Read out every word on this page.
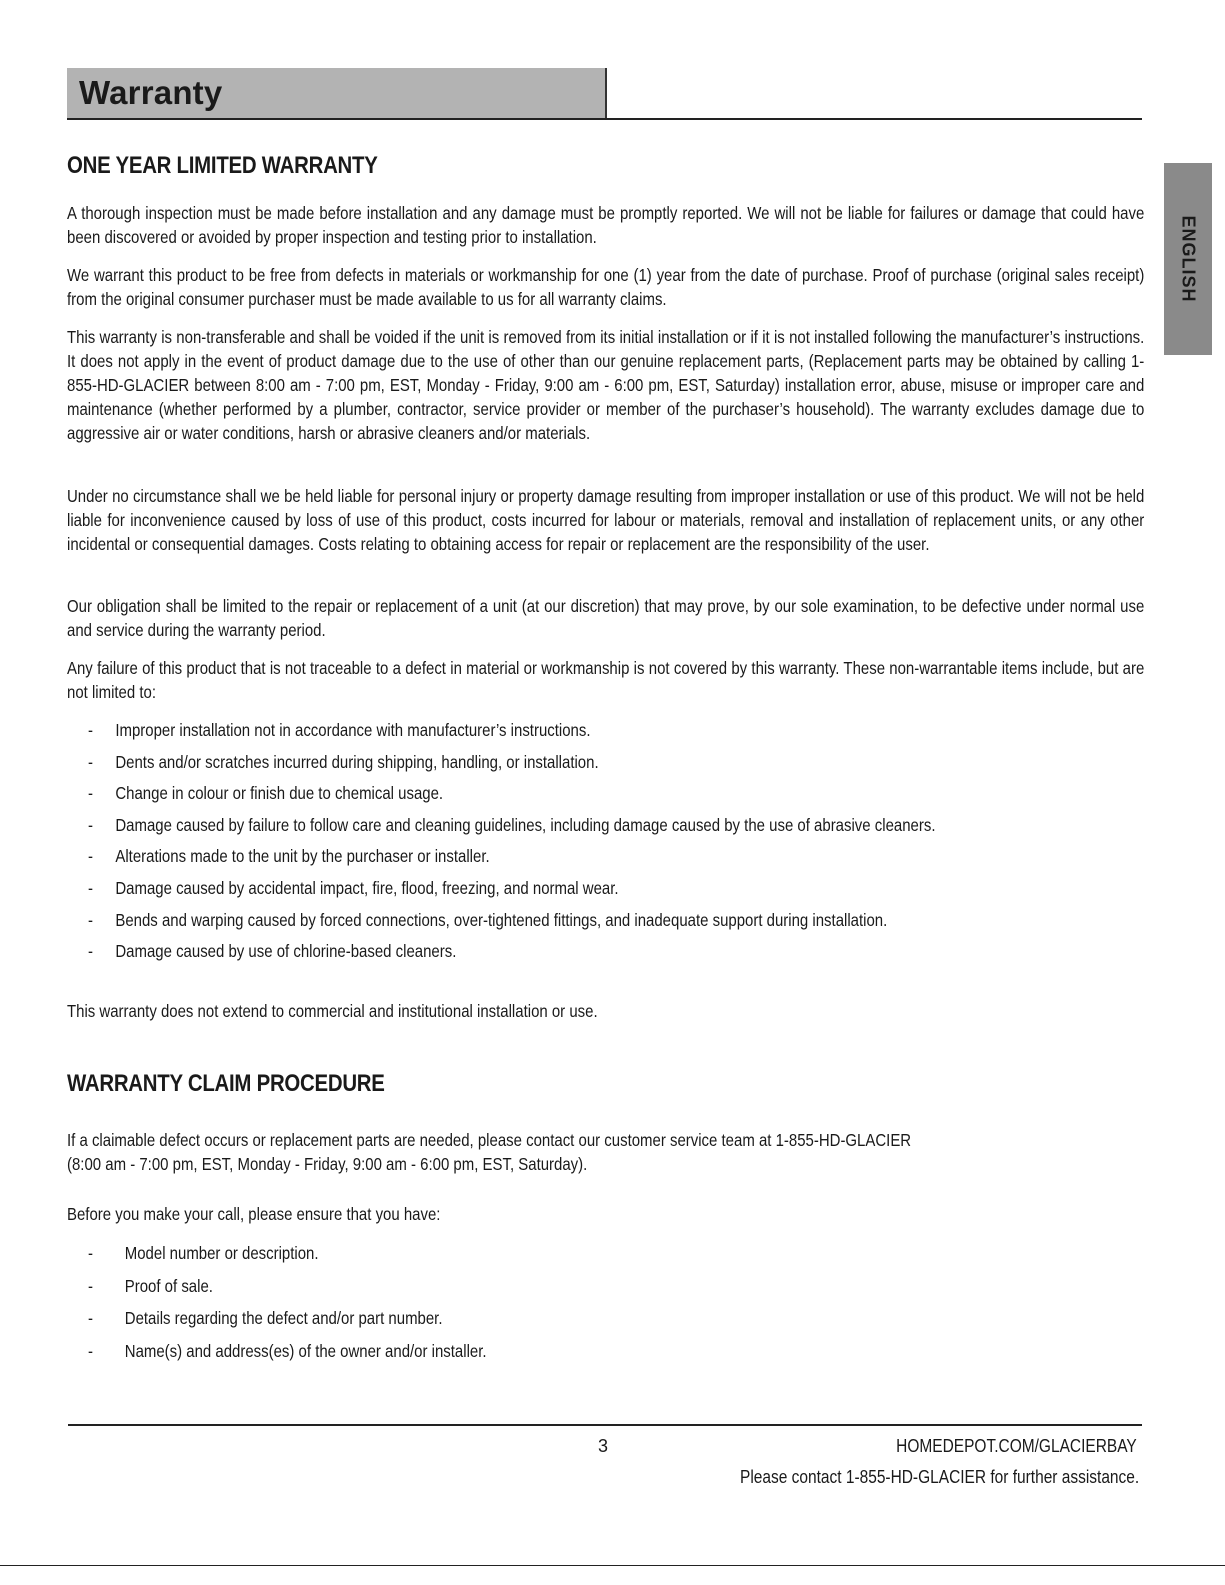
Warranty
ENGLISH
ONE YEAR LIMITED WARRANTY

A thorough inspection must be made before installation and any damage must be promptly reported. We will not be liable for failures or damage that could have been discovered or avoided by proper inspection and testing prior to installation.

We warrant this product to be free from defects in materials or workmanship for one (1) year from the date of purchase. Proof of purchase (original sales receipt) from the original consumer purchaser must be made available to us for all warranty claims.

This warranty is non-transferable and shall be voided if the unit is removed from its initial installation or if it is not installed following the manufacturer’s instructions. It does not apply in the event of product damage due to the use of other than our genuine replacement parts, (Replacement parts may be obtained by calling 1-855-HD-GLACIER between 8:00 am - 7:00 pm, EST, Monday - Friday, 9:00 am - 6:00 pm, EST, Saturday) installation error, abuse, misuse or improper care and maintenance (whether performed by a plumber, contractor, service provider or member of the purchaser’s household). The warranty excludes damage due to aggressive air or water conditions, harsh or abrasive cleaners and/or materials.

Under no circumstance shall we be held liable for personal injury or property damage resulting from improper installation or use of this product. We will not be held liable for inconvenience caused by loss of use of this product, costs incurred for labour or materials, removal and installation of replacement units, or any other incidental or consequential damages. Costs relating to obtaining access for repair or replacement are the responsibility of the user.

Our obligation shall be limited to the repair or replacement of a unit (at our discretion) that may prove, by our sole examination, to be defective under normal use and service during the warranty period.

Any failure of this product that is not traceable to a defect in material or workmanship is not covered by this warranty. These non-warrantable items include, but are not limited to:

- Improper installation not in accordance with manufacturer’s instructions.
- Dents and/or scratches incurred during shipping, handling, or installation.
- Change in colour or finish due to chemical usage.
- Damage caused by failure to follow care and cleaning guidelines, including damage caused by the use of abrasive cleaners.
- Alterations made to the unit by the purchaser or installer.
- Damage caused by accidental impact, fire, flood, freezing, and normal wear.
- Bends and warping caused by forced connections, over-tightened fittings, and inadequate support during installation.
- Damage caused by use of chlorine-based cleaners.

This warranty does not extend to commercial and institutional installation or use.

WARRANTY CLAIM PROCEDURE

If a claimable defect occurs or replacement parts are needed, please contact our customer service team at 1-855-HD-GLACIER

(8:00 am - 7:00 pm, EST, Monday - Friday, 9:00 am - 6:00 pm, EST, Saturday).

Before you make your call, please ensure that you have:

- Model number or description.
- Proof of sale.
- Details regarding the defect and/or part number.
- Name(s) and address(es) of the owner and/or installer.
3	HOMEDEPOT.COM/GLACIERBAY
Please contact 1-855-HD-GLACIER for further assistance.
